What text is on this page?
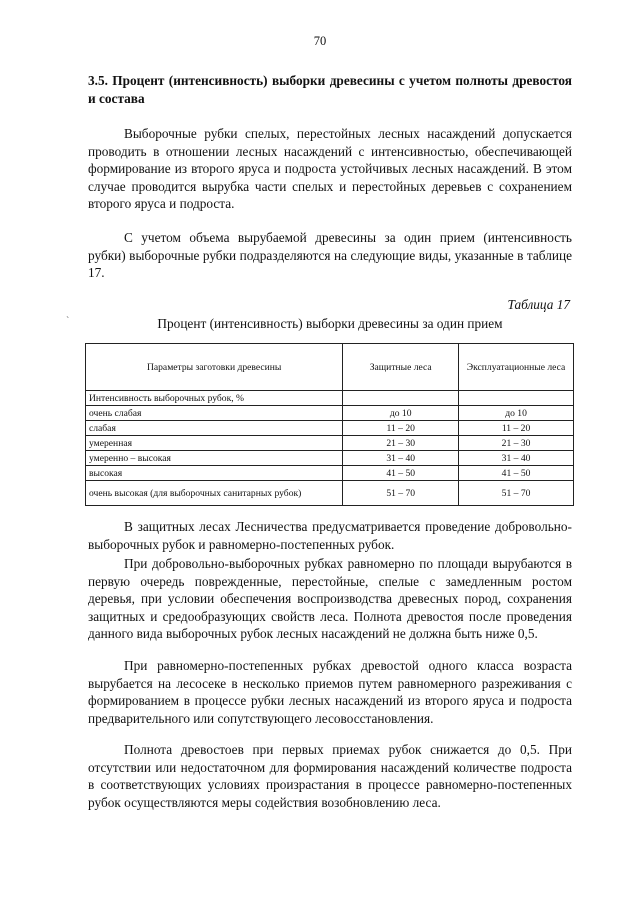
70
3.5. Процент (интенсивность) выборки древесины с учетом полноты древостоя и состава

Выборочные рубки спелых, перестойных лесных насаждений допускается проводить в отношении лесных насаждений с интенсивностью, обеспечивающей формирование из второго яруса и подроста устойчивых лесных насаждений. В этом случае проводится вырубка части спелых и перестойных деревьев с сохранением второго яруса и подроста.

С учетом объема вырубаемой древесины за один прием (интенсивность рубки) выборочные рубки подразделяются на следующие виды, указанные в таблице 17.

Таблица 17
`	Процент (интенсивность) выборки древесины за один прием
Параметры заготовки древесины	Защитные леса	Эксплуатационные леса
Интенсивность выборочных рубок, %		
очень слабая	до 10	до 10
слабая	11 – 20	11 – 20
умеренная	21 – 30	21 – 30
умеренно – высокая	31 – 40	31 – 40
высокая	41 – 50	41 – 50
очень высокая (для выборочных санитарных рубок)	51 – 70	51 – 70

В защитных лесах Лесничества предусматривается проведение добровольно-выборочных рубок и равномерно-постепенных рубок.

При добровольно-выборочных рубках равномерно по площади вырубаются в первую очередь поврежденные, перестойные, спелые с замедленным ростом деревья, при условии обеспечения воспроизводства древесных пород, сохранения защитных и средообразующих свойств леса. Полнота древостоя после проведения данного вида выборочных рубок лесных насаждений не должна быть ниже 0,5.

При равномерно-постепенных рубках древостой одного класса возраста вырубается на лесосеке в несколько приемов путем равномерного разреживания с формированием в процессе рубки лесных насаждений из второго яруса и подроста предварительного или сопутствующего лесовосстановления.

Полнота древостоев при первых приемах рубок снижается до 0,5. При отсутствии или недостаточном для формирования насаждений количестве подроста в соответствующих условиях произрастания в процессе равномерно-постепенных рубок осуществляются меры содействия возобновлению леса.
